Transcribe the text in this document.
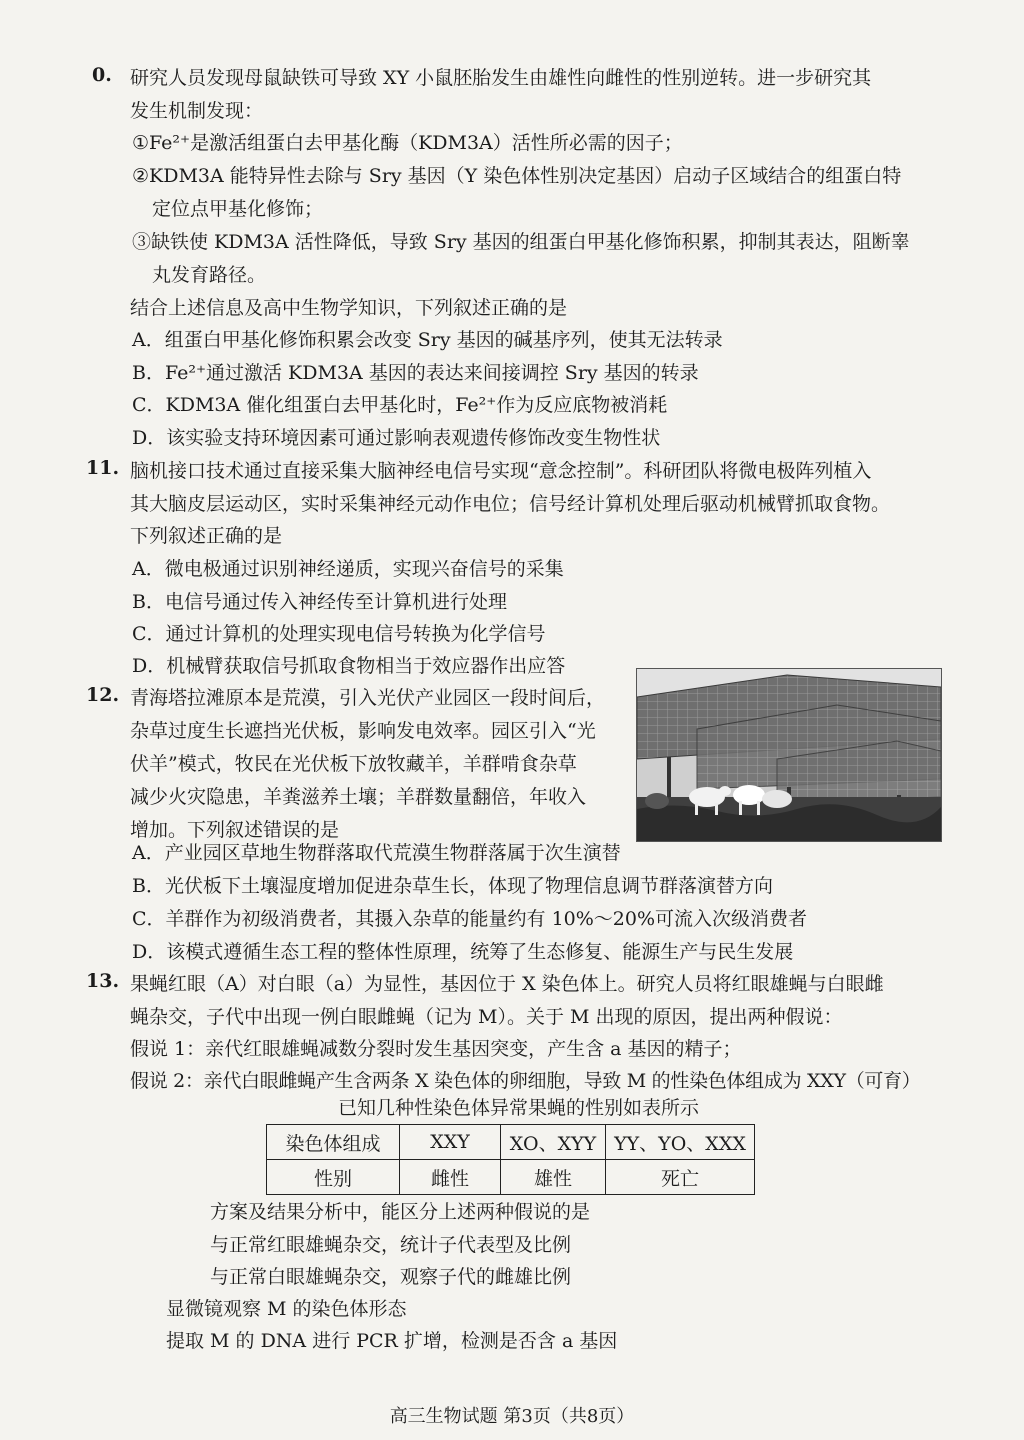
0. 研究人员发现母鼠缺铁可导致 XY 小鼠胚胎发生由雄性向雌性的性别逆转。进一步研究其
发生机制发现：
①Fe²⁺是激活组蛋白去甲基化酶（KDM3A）活性所必需的因子；
②KDM3A 能特异性去除与 Sry 基因（Y 染色体性别决定基因）启动子区域结合的组蛋白特
定位点甲基化修饰；
③缺铁使 KDM3A 活性降低，导致 Sry 基因的组蛋白甲基化修饰积累，抑制其表达，阻断睾
丸发育路径。
结合上述信息及高中生物学知识，下列叙述正确的是
A．组蛋白甲基化修饰积累会改变 Sry 基因的碱基序列，使其无法转录
B．Fe²⁺通过激活 KDM3A 基因的表达来间接调控 Sry 基因的转录
C．KDM3A 催化组蛋白去甲基化时，Fe²⁺作为反应底物被消耗
D．该实验支持环境因素可通过影响表观遗传修饰改变生物性状
11. 脑机接口技术通过直接采集大脑神经电信号实现“意念控制”。科研团队将微电极阵列植入
其大脑皮层运动区，实时采集神经元动作电位；信号经计算机处理后驱动机械臂抓取食物。
下列叙述正确的是
A．微电极通过识别神经递质，实现兴奋信号的采集
B．电信号通过传入神经传至计算机进行处理
C．通过计算机的处理实现电信号转换为化学信号
D．机械臂获取信号抓取食物相当于效应器作出应答
12. 青海塔拉滩原本是荒漠，引入光伏产业园区一段时间后，
杂草过度生长遮挡光伏板，影响发电效率。园区引入“光
伏羊”模式，牧民在光伏板下放牧藏羊，羊群啃食杂草
减少火灾隐患，羊粪滋养土壤；羊群数量翻倍，年收入
增加。下列叙述错误的是
A．产业园区草地生物群落取代荒漠生物群落属于次生演替
B．光伏板下土壤湿度增加促进杂草生长，体现了物理信息调节群落演替方向
C．羊群作为初级消费者，其摄入杂草的能量约有 10%～20%可流入次级消费者
D．该模式遵循生态工程的整体性原理，统筹了生态修复、能源生产与民生发展
13. 果蝇红眼（A）对白眼（a）为显性，基因位于 X 染色体上。研究人员将红眼雄蝇与白眼雌
蝇杂交，子代中出现一例白眼雌蝇（记为 M）。关于 M 出现的原因，提出两种假说：
假说 1：亲代红眼雄蝇减数分裂时发生基因突变，产生含 a 基因的精子；
假说 2：亲代白眼雌蝇产生含两条 X 染色体的卵细胞，导致 M 的性染色体组成为 XXY（可育）
已知几种性染色体异常果蝇的性别如表所示
染色体组成	XXY	XO、XYY	YY、YO、XXX
性别	雌性	雄性	死亡
方案及结果分析中，能区分上述两种假说的是
与正常红眼雄蝇杂交，统计子代表型及比例
与正常白眼雄蝇杂交，观察子代的雌雄比例
显微镜观察 M 的染色体形态
提取 M 的 DNA 进行 PCR 扩增，检测是否含 a 基因
高三生物试题 第3页（共8页）
